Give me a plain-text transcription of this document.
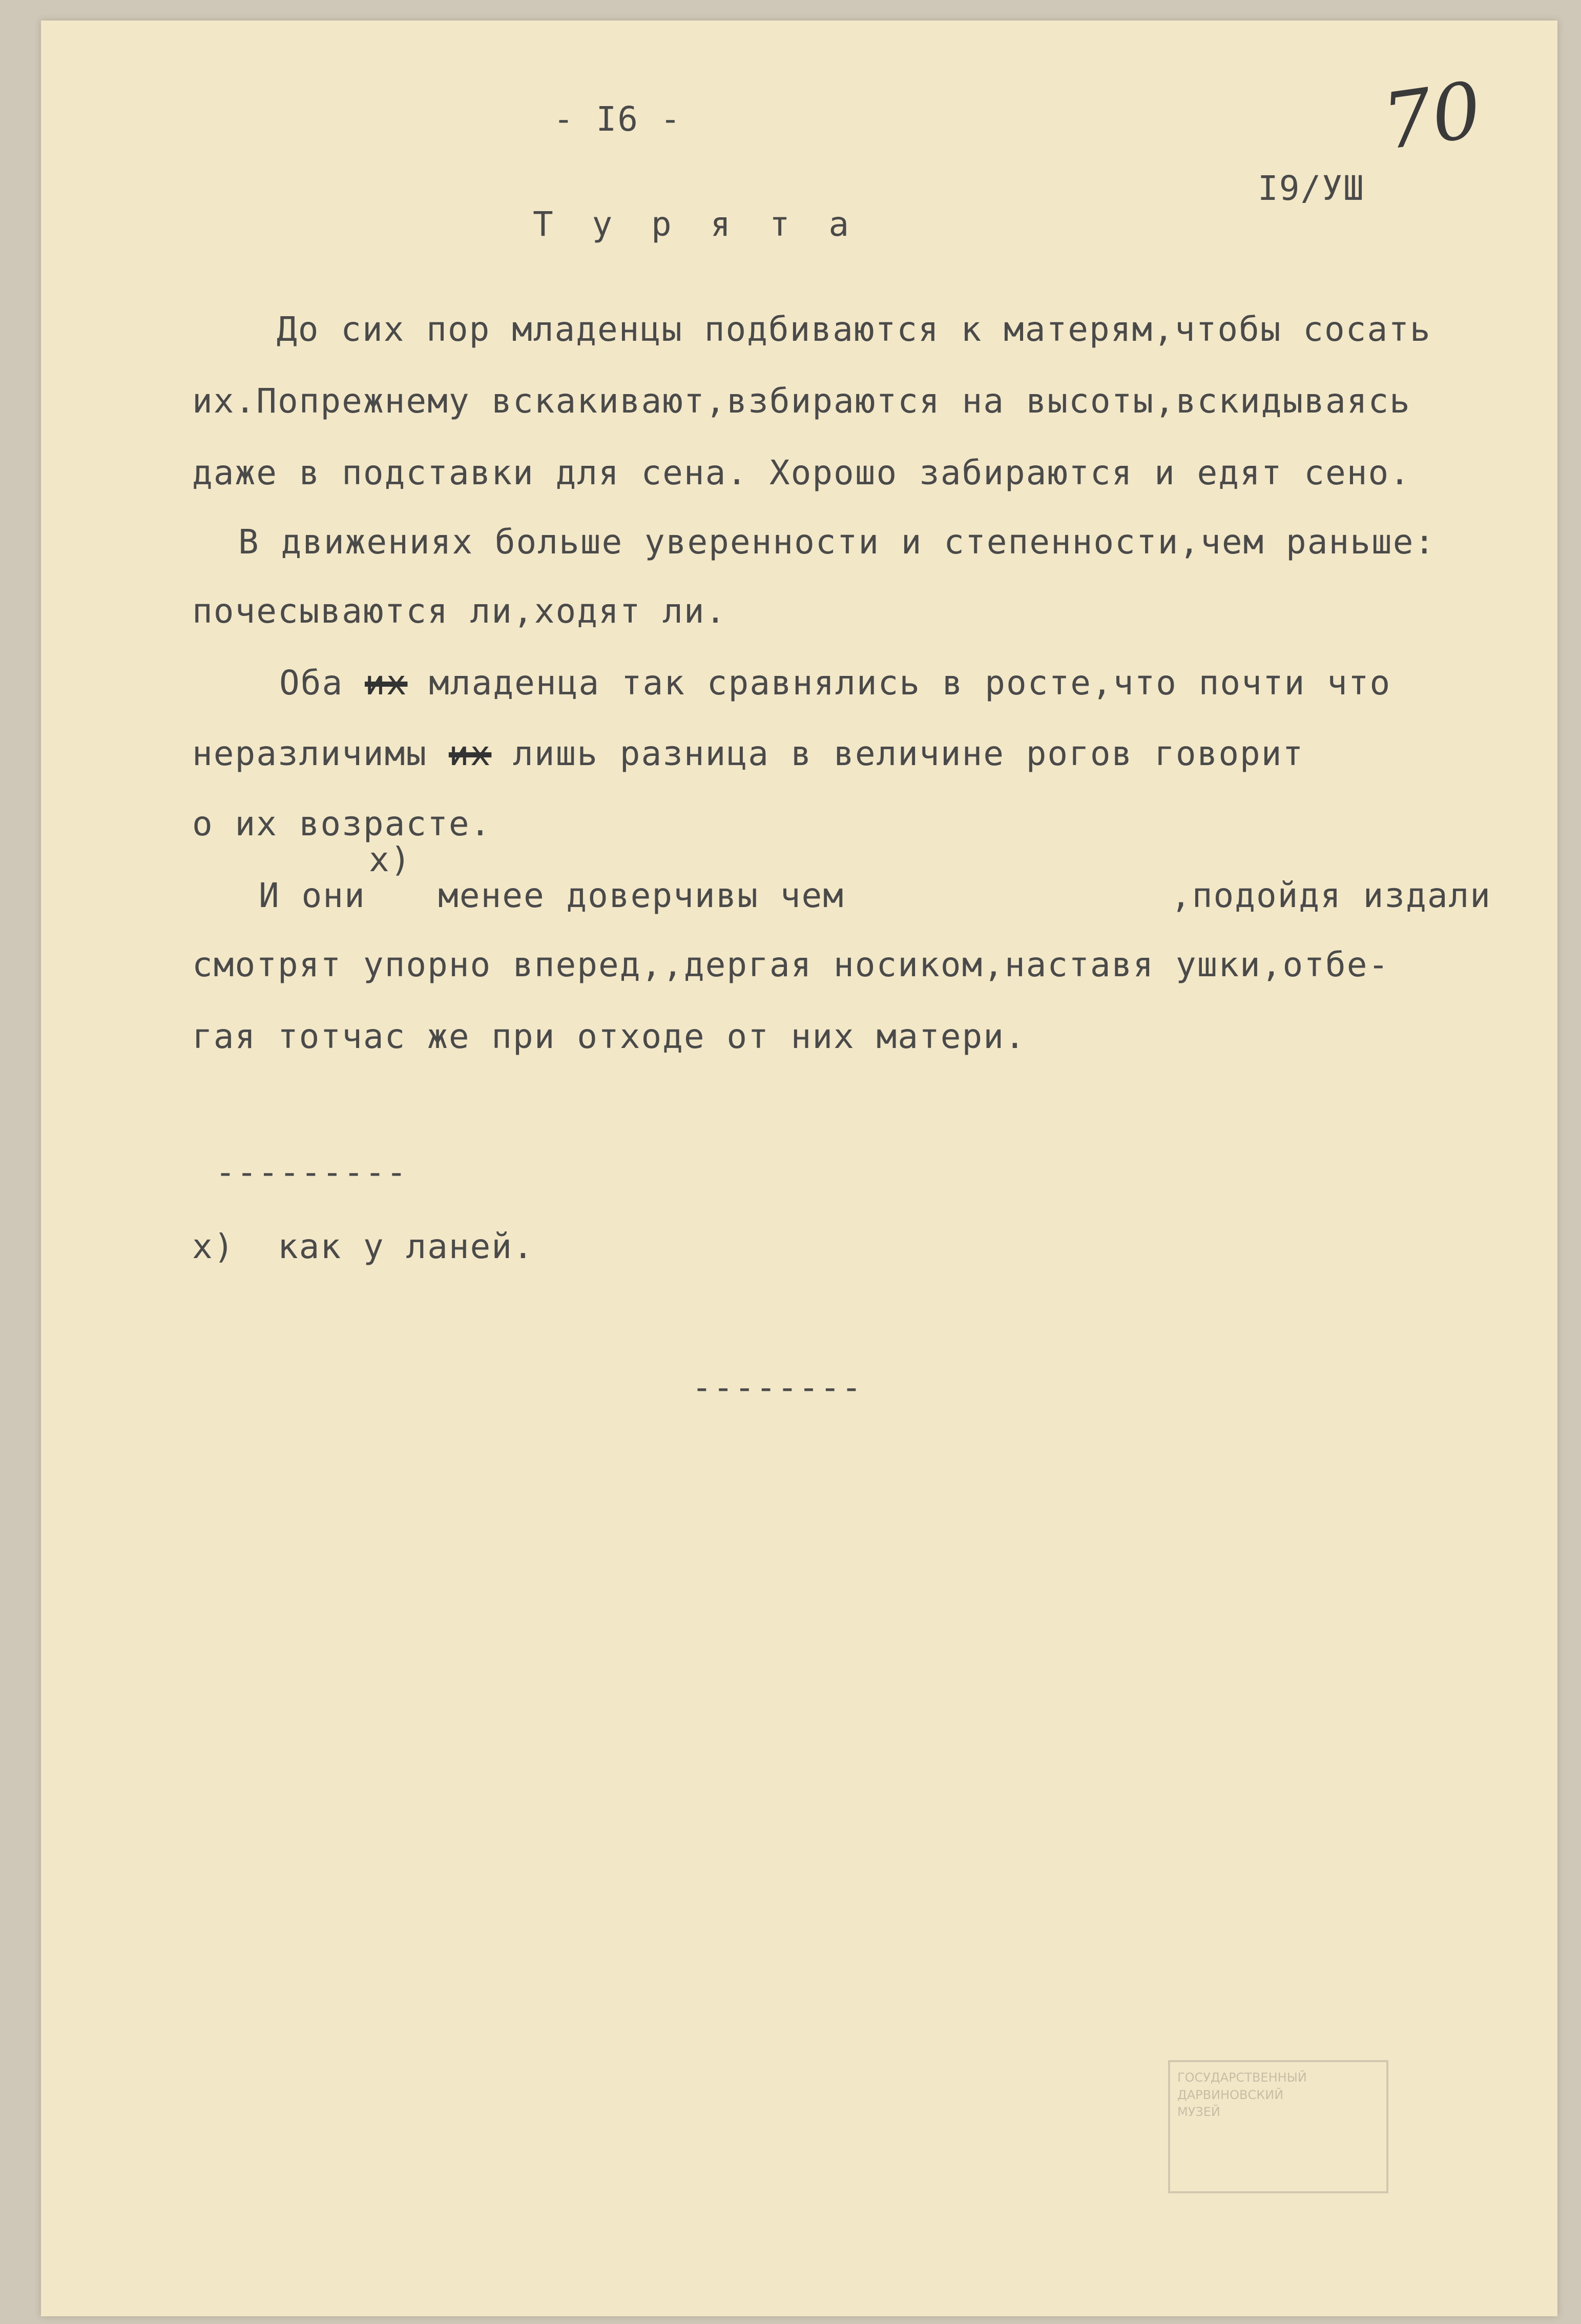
70
- I6 -
I9/УШ
Т у р я т а
До сих пор младенцы подбиваются к матерям,чтобы сосать
их.Попрежнему вскакивают,взбираются на высоты,вскидываясь
даже в подставки для сена. Хорошо забираются и едят сено.
В движениях больше уверенности и степенности,чем раньше:
почесываются ли,ходят ли.
Оба их младенца так сравнялись в росте,что почти что
неразличимы их лишь разница в величине рогов говорит
о их возрасте.
х)
И они менее доверчивы чем	,подойдя издали
смотрят упорно вперед,,дергая носиком,наставя ушки,отбе-
гая тотчас же при отходе от них матери.
---------
х)  как у ланей.
--------
ГОСУДАРСТВЕННЫЙ
ДАРВИНОВСКИЙ
МУЗЕЙ
